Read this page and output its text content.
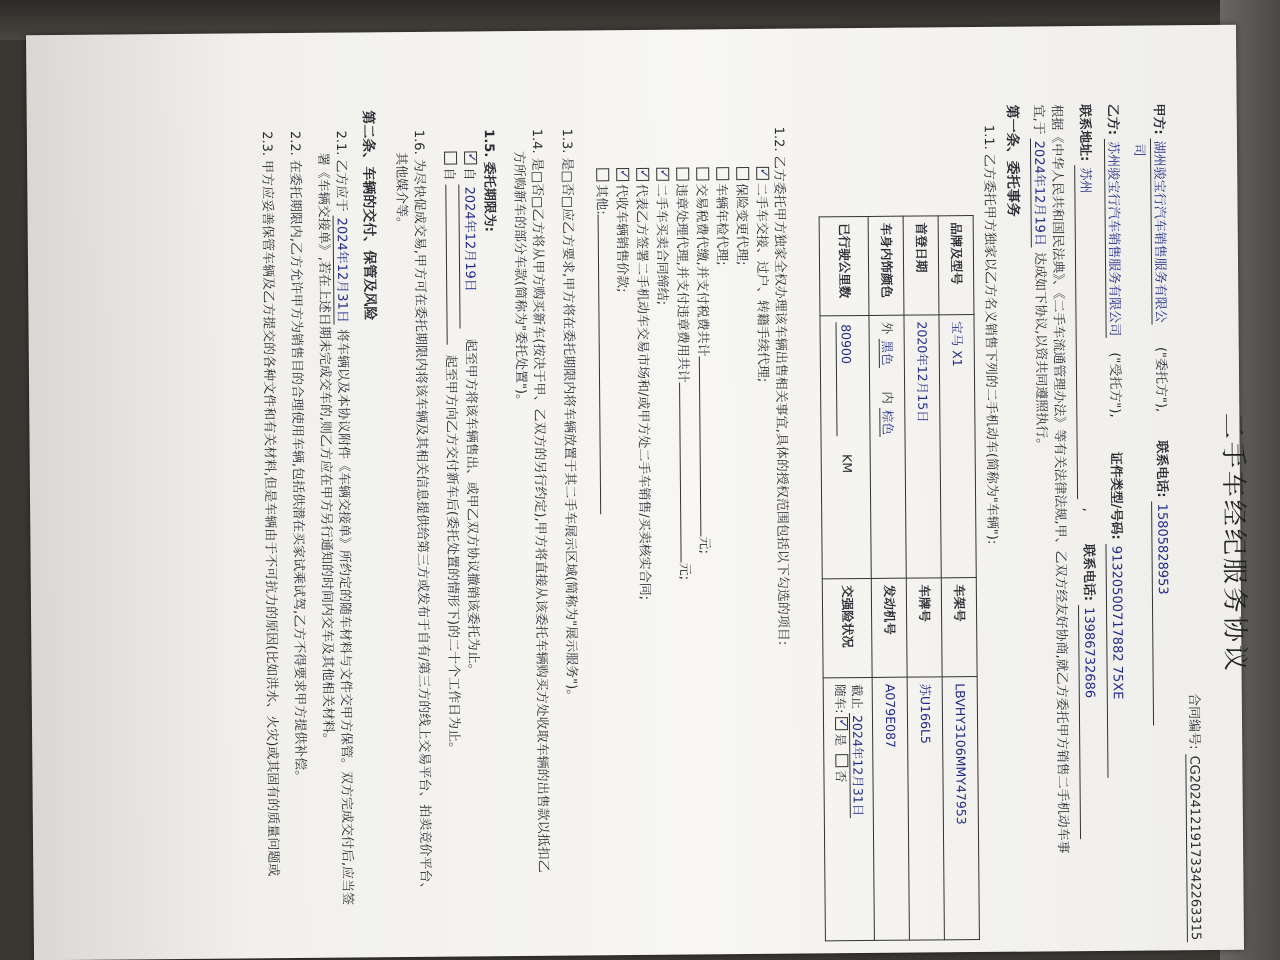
二手车经纪服务协议
合同编号: CG20241219173342263315
甲方: 湖州骏宝行汽车销售服务有限公 ("委托方"), 联系电话: 15805828953
司
乙方: 苏州骏宝行汽车销售服务有限公司 ("受托方"), 证件类型/号码: 91320500717882 75XE
联系地址: 苏州 , 联系电话: 13986732686
根据《中华人民共和国民法典》、《二手车流通管理办法》等有关法律法规,甲、乙双方经友好协商,就乙方委托甲方销售二手机动车事
宜,于 2024年12月19日 达成如下协议,以资共同遵照执行。
第一条、委托事务
1.1. 乙方委托甲方独家以乙方名义销售下列的二手机动车(简称为"车辆"):
品牌及型号	宝马 X1	车架号	LBVHY3106MMY47953
首登日期	2020年12月15日	车牌号	苏U166L5
车身内饰颜色	外 黑色 内 棕色	发动机号	A079E087
已行驶公里数	80900 KM	交强险状况	截止 2024年12月31日
随车: ✓是 否
1.2. 乙方委托甲方独家全权办理该车辆出售相关事宜,具体的授权范围包括以下勾选的项目:
✓二手车交接、过户、转籍手续代理;
保险变更代理;
车辆年检代理;
交易税费代缴,并支付税费共计元;
违章处理代理,并支付违章费用共计元;
✓二手车买卖合同缔结;
✓代表乙方签署二手机动车交易市场和/或甲方处二手车销售/买卖核实合同;
✓代收车辆销售价款;
其他:
1.3. 是□否□应乙方要求,甲方将在委托期限内将车辆放置于其二手车展示区域(简称为"展示服务")。
1.4. 是□否□乙方将从甲方购买新车(按决于甲、乙双方的另行约定),甲方将直接从该委托车辆购买方处收取车辆的出售款以抵扣乙
方所购新车的部分车款(简称为"委托处置")。
1.5. 委托期限为:
✓自 2024年12月19日 起至甲方将该车辆售出、或甲乙双方协议撤销该委托为止。
自  起至甲方向乙方交付新车后(委托处置的情形下)的二十个工作日为止。
1.6. 为尽快促成交易,甲方可在委托期限内将该车辆及其相关信息提供给第三方或发布于自有/第三方的线上交易平台、拍卖竞价平台、
其他媒介等。
第二条、车辆的交付、保管及风险
2.1. 乙方应于 2024年12月31日 将车辆以及本协议附件《车辆交接单》所约定的随车材料与文件交甲方保管。双方完成交付后,应当签
署《车辆交接单》,若在上述日期未完成交车的,则乙方应在甲方另行通知的时间内交车及其他相关材料。
2.2. 在委托期限内,乙方允许甲方为销售目的合理使用车辆,包括供潜在买家试乘试驾,乙方不得要求甲方提供补偿。
2.3. 甲方应妥善保管车辆及乙方提交的各种文件和有关材料,但是车辆由于不可抗力的原因(比如洪水、火灾)或其固有的质量问题或
